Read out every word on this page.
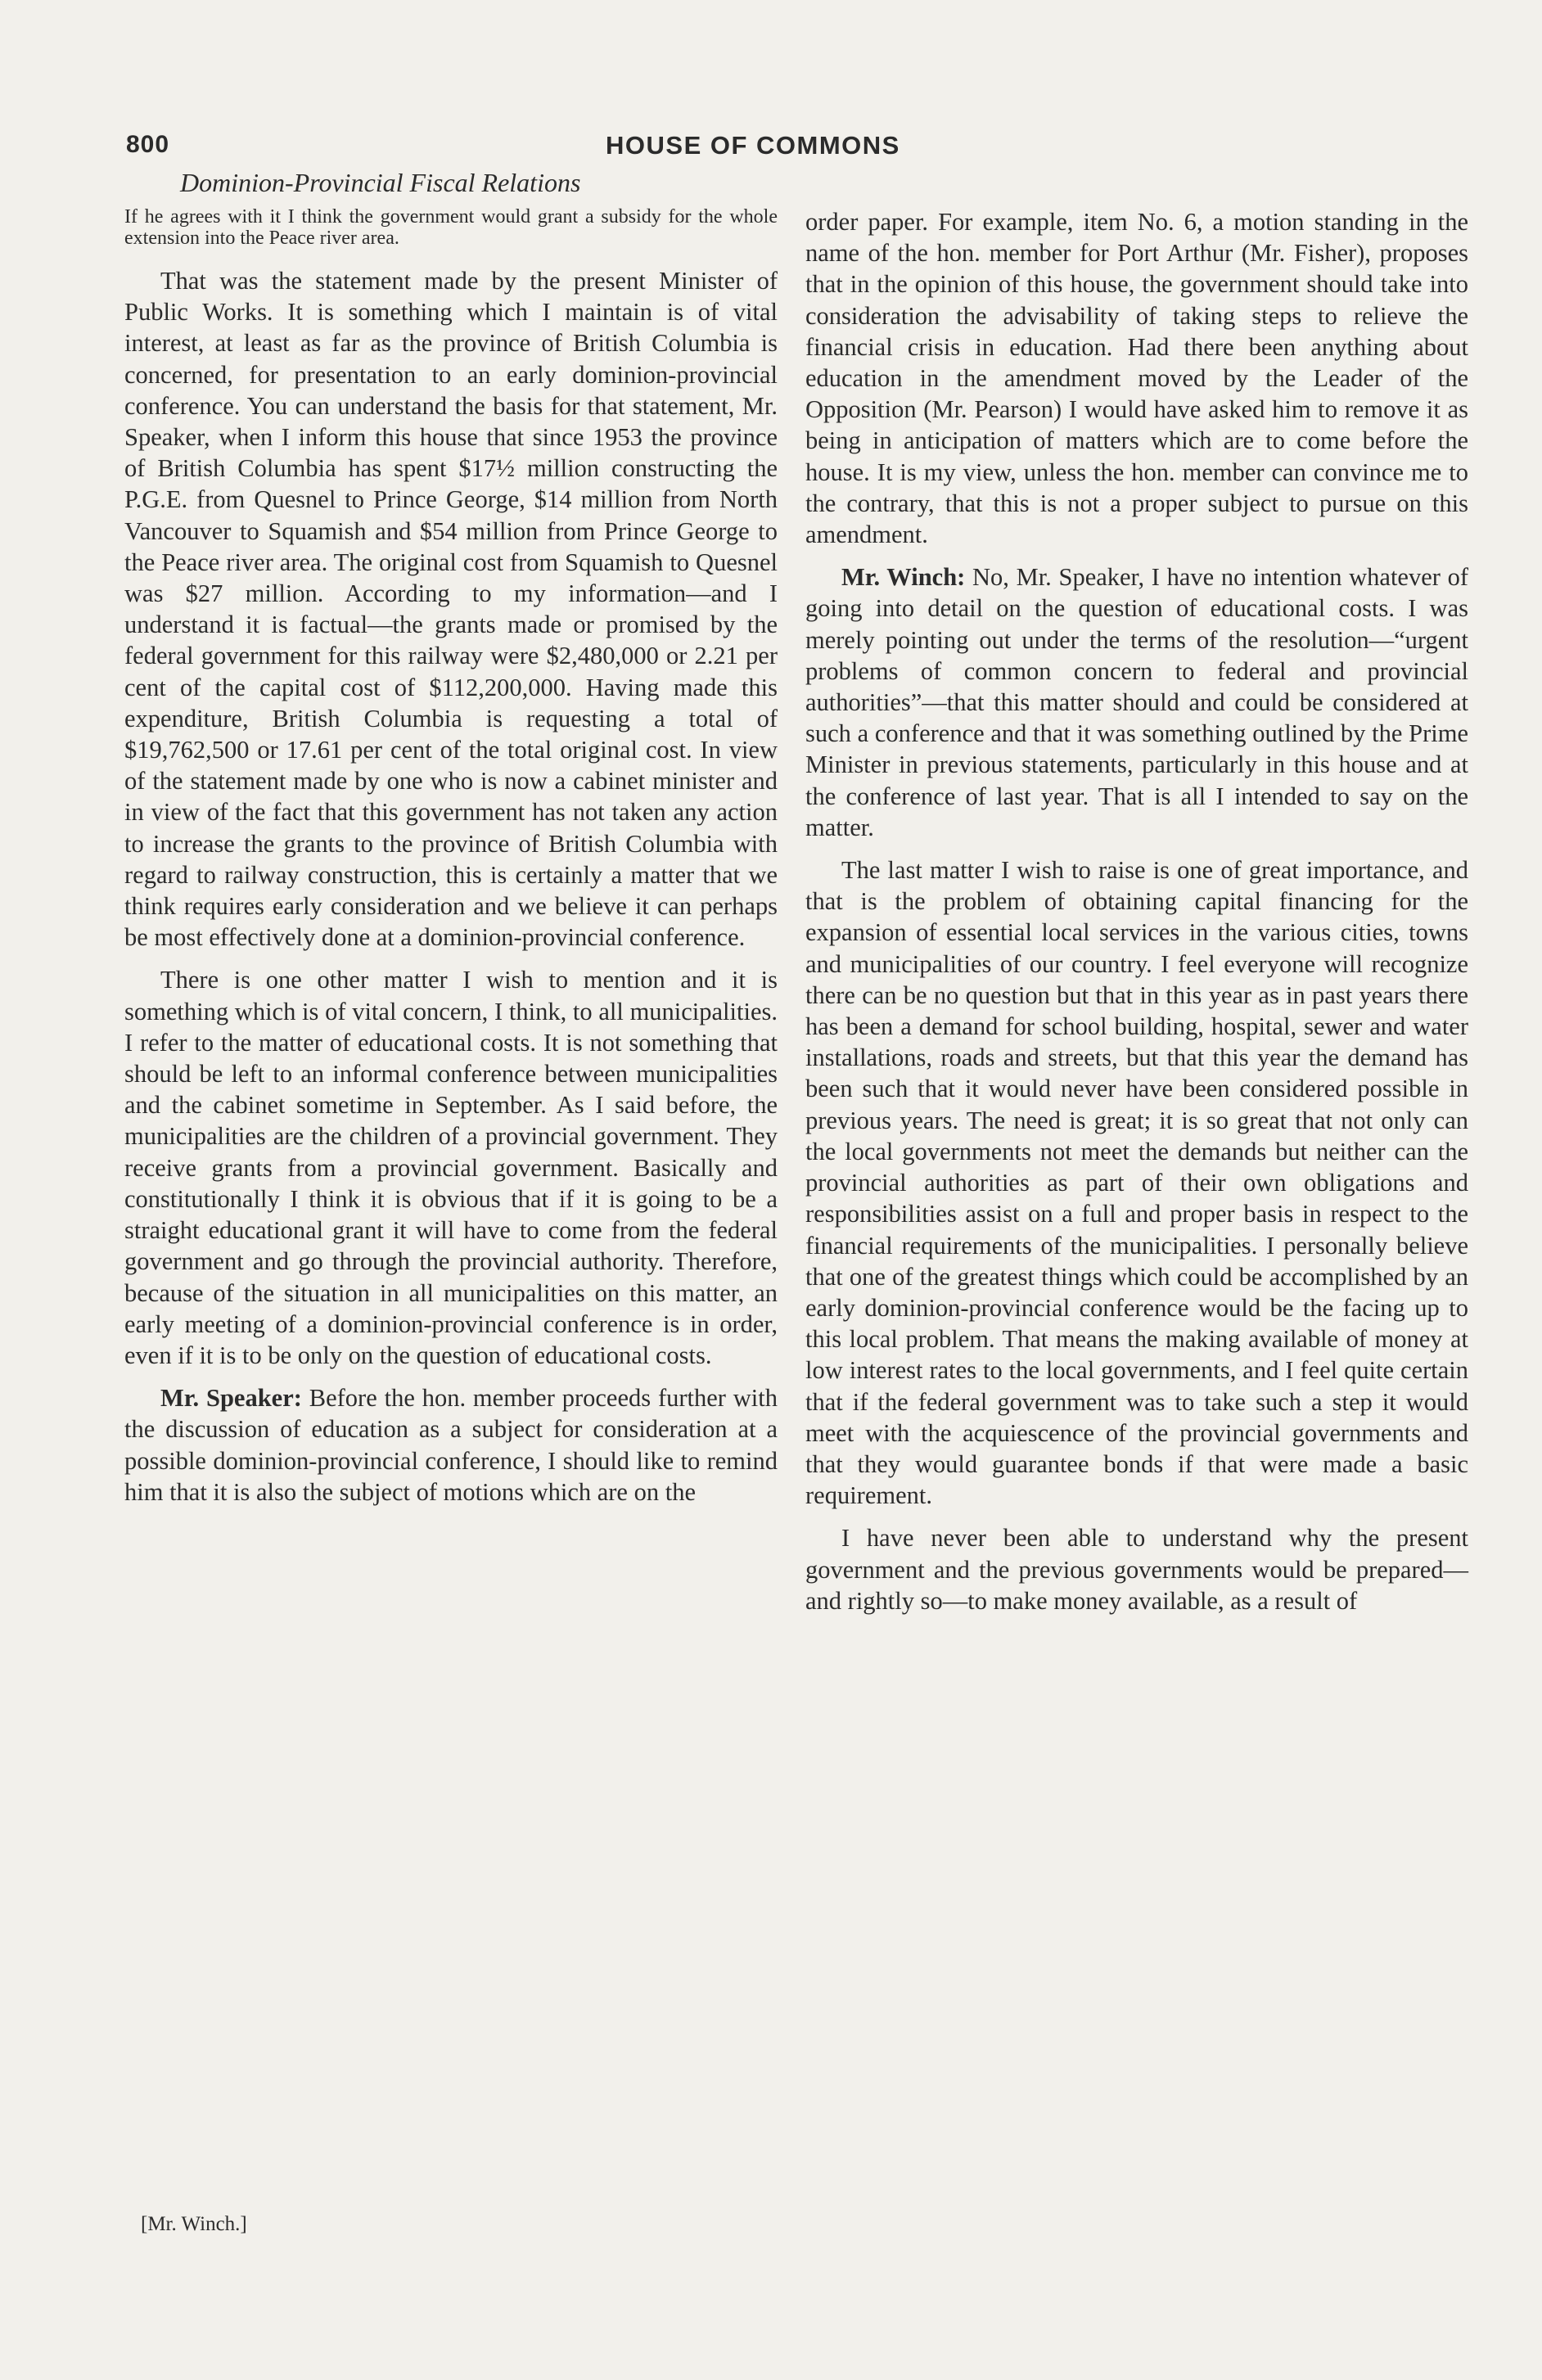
800	HOUSE OF COMMONS
Dominion-Provincial Fiscal Relations

If he agrees with it I think the government would grant a subsidy for the whole extension into the Peace river area.

That was the statement made by the present Minister of Public Works. It is something which I maintain is of vital interest, at least as far as the province of British Columbia is concerned, for presentation to an early dominion-provincial conference. You can understand the basis for that statement, Mr. Speaker, when I inform this house that since 1953 the province of British Columbia has spent $17½ million constructing the P.G.E. from Quesnel to Prince George, $14 million from North Vancouver to Squamish and $54 million from Prince George to the Peace river area. The original cost from Squamish to Quesnel was $27 million. According to my information—and I understand it is factual—the grants made or promised by the federal government for this railway were $2,480,000 or 2.21 per cent of the capital cost of $112,200,000. Having made this expenditure, British Columbia is requesting a total of $19,762,500 or 17.61 per cent of the total original cost. In view of the statement made by one who is now a cabinet minister and in view of the fact that this government has not taken any action to increase the grants to the province of British Columbia with regard to railway construction, this is certainly a matter that we think requires early consideration and we believe it can perhaps be most effectively done at a dominion-provincial conference.

There is one other matter I wish to mention and it is something which is of vital concern, I think, to all municipalities. I refer to the matter of educational costs. It is not something that should be left to an informal conference between municipalities and the cabinet sometime in September. As I said before, the municipalities are the children of a provincial government. They receive grants from a provincial government. Basically and constitutionally I think it is obvious that if it is going to be a straight educational grant it will have to come from the federal government and go through the provincial authority. Therefore, because of the situation in all municipalities on this matter, an early meeting of a dominion-provincial conference is in order, even if it is to be only on the question of educational costs.

Mr. Speaker: Before the hon. member proceeds further with the discussion of education as a subject for consideration at a possible dominion-provincial conference, I should like to remind him that it is also the subject of motions which are on the

order paper. For example, item No. 6, a motion standing in the name of the hon. member for Port Arthur (Mr. Fisher), proposes that in the opinion of this house, the government should take into consideration the advisability of taking steps to relieve the financial crisis in education. Had there been anything about education in the amendment moved by the Leader of the Opposition (Mr. Pearson) I would have asked him to remove it as being in anticipation of matters which are to come before the house. It is my view, unless the hon. member can convince me to the contrary, that this is not a proper subject to pursue on this amendment.

Mr. Winch: No, Mr. Speaker, I have no intention whatever of going into detail on the question of educational costs. I was merely pointing out under the terms of the resolution—“urgent problems of common concern to federal and provincial authorities”—that this matter should and could be considered at such a conference and that it was something outlined by the Prime Minister in previous statements, particularly in this house and at the conference of last year. That is all I intended to say on the matter.

The last matter I wish to raise is one of great importance, and that is the problem of obtaining capital financing for the expansion of essential local services in the various cities, towns and municipalities of our country. I feel everyone will recognize there can be no question but that in this year as in past years there has been a demand for school building, hospital, sewer and water installations, roads and streets, but that this year the demand has been such that it would never have been considered possible in previous years. The need is great; it is so great that not only can the local governments not meet the demands but neither can the provincial authorities as part of their own obligations and responsibilities assist on a full and proper basis in respect to the financial requirements of the municipalities. I personally believe that one of the greatest things which could be accomplished by an early dominion-provincial conference would be the facing up to this local problem. That means the making available of money at low interest rates to the local governments, and I feel quite certain that if the federal government was to take such a step it would meet with the acquiescence of the provincial governments and that they would guarantee bonds if that were made a basic requirement.

I have never been able to understand why the present government and the previous governments would be prepared—and rightly so—to make money available, as a result of

[Mr. Winch.]
